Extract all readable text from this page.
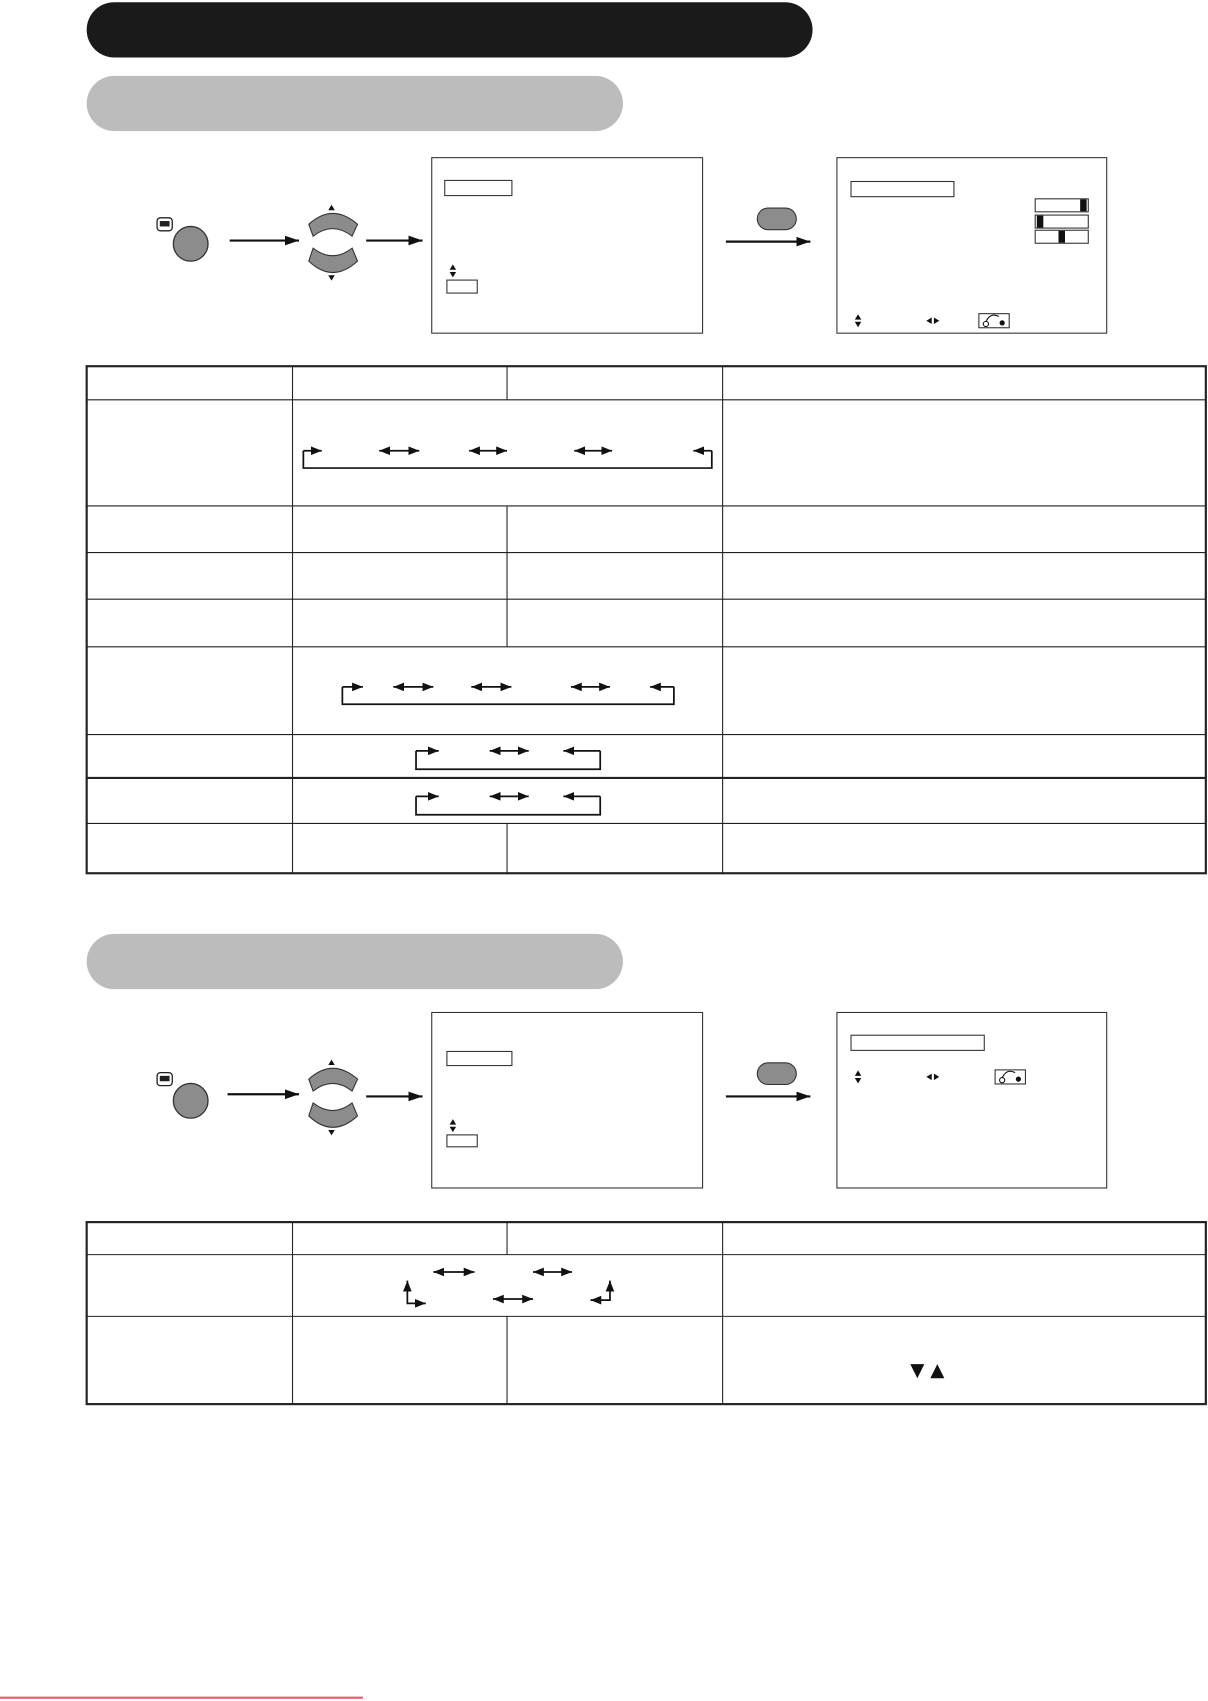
▼ ▲
